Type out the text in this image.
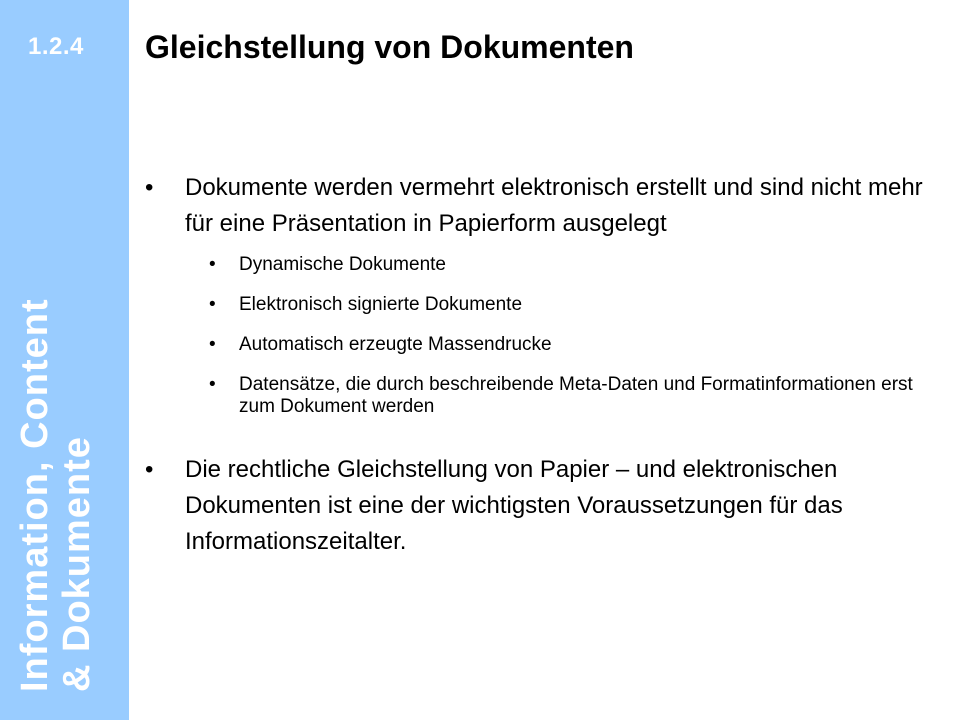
1.2.4
Information, Content & Dokumente
Gleichstellung von Dokumenten
•	Dokumente werden vermehrt elektronisch erstellt und sind nicht mehr für eine Präsentation in Papierform ausgelegt
• Dynamische Dokumente
• Elektronisch signierte Dokumente
• Automatisch erzeugte Massendrucke
• Datensätze, die durch beschreibende Meta-Daten und Formatinformationen erst zum Dokument werden
•	Die rechtliche Gleichstellung von Papier – und elektronischen Dokumenten ist eine der wichtigsten Voraussetzungen für das Informationszeitalter.
